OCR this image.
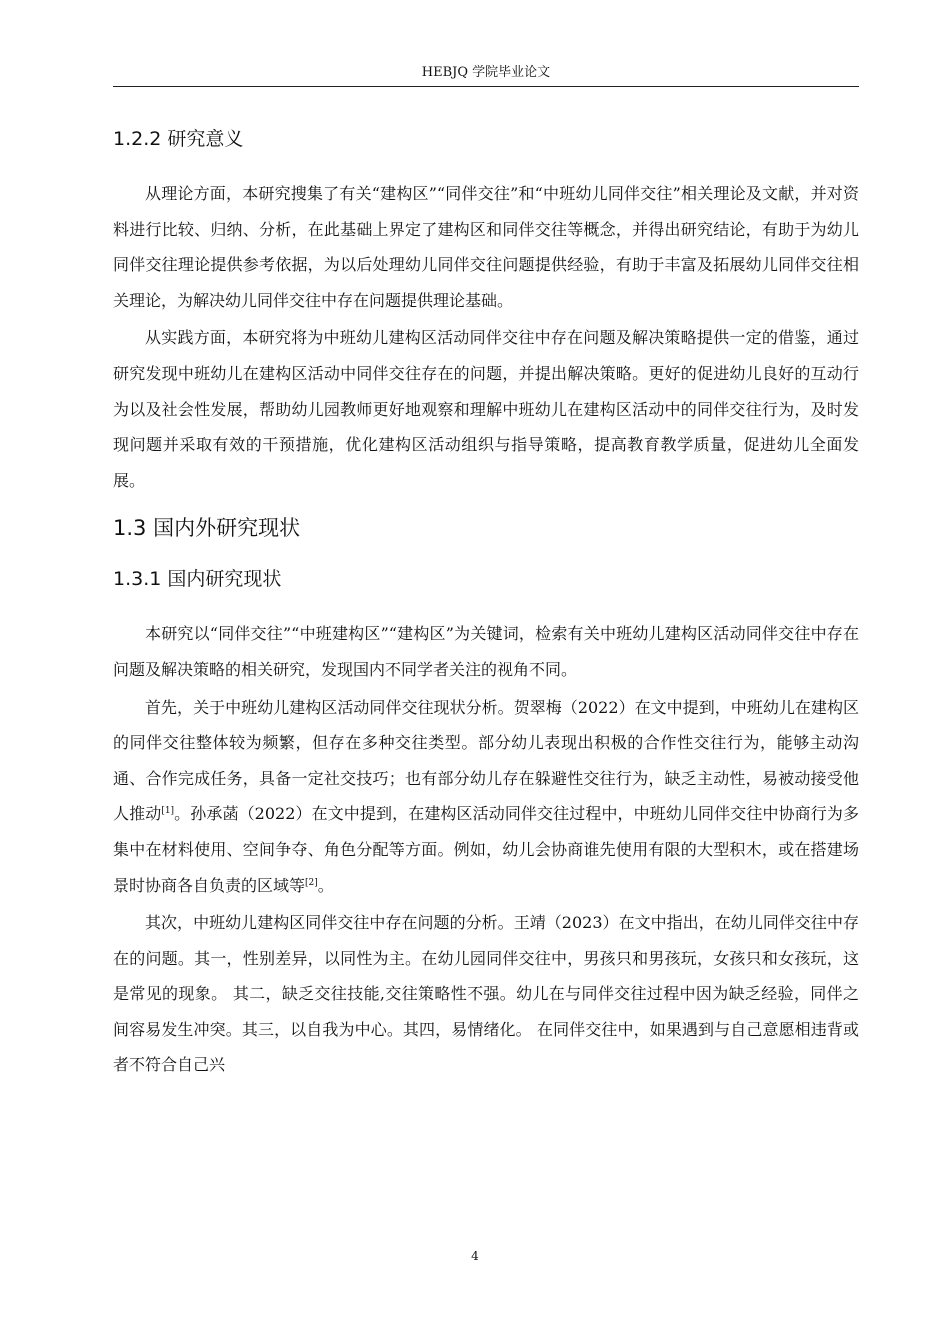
HEBJQ 学院毕业论文
1.2.2 研究意义

从理论方面，本研究搜集了有关“建构区”“同伴交往”和“中班幼儿同伴交往”相关理论及文献，并对资料进行比较、归纳、分析，在此基础上界定了建构区和同伴交往等概念，并得出研究结论，有助于为幼儿同伴交往理论提供参考依据，为以后处理幼儿同伴交往问题提供经验，有助于丰富及拓展幼儿同伴交往相关理论，为解决幼儿同伴交往中存在问题提供理论基础。

从实践方面，本研究将为中班幼儿建构区活动同伴交往中存在问题及解决策略提供一定的借鉴，通过研究发现中班幼儿在建构区活动中同伴交往存在的问题，并提出解决策略。更好的促进幼儿良好的互动行为以及社会性发展，帮助幼儿园教师更好地观察和理解中班幼儿在建构区活动中的同伴交往行为，及时发现问题并采取有效的干预措施，优化建构区活动组织与指导策略，提高教育教学质量，促进幼儿全面发展。

1.3 国内外研究现状
1.3.1 国内研究现状

本研究以“同伴交往”“中班建构区”“建构区”为关键词，检索有关中班幼儿建构区活动同伴交往中存在问题及解决策略的相关研究，发现国内不同学者关注的视角不同。

首先，关于中班幼儿建构区活动同伴交往现状分析。贺翠梅（2022）在文中提到，中班幼儿在建构区的同伴交往整体较为频繁，但存在多种交往类型。部分幼儿表现出积极的合作性交往行为，能够主动沟通、合作完成任务，具备一定社交技巧；也有部分幼儿存在躲避性交往行为，缺乏主动性，易被动接受他人推动[1]。孙承菡（2022）在文中提到，在建构区活动同伴交往过程中，中班幼儿同伴交往中协商行为多集中在材料使用、空间争夺、角色分配等方面。例如，幼儿会协商谁先使用有限的大型积木，或在搭建场景时协商各自负责的区域等[2]。

其次，中班幼儿建构区同伴交往中存在问题的分析。王靖（2023）在文中指出，在幼儿同伴交往中存在的问题。其一，性别差异，以同性为主。在幼儿园同伴交往中，男孩只和男孩玩，女孩只和女孩玩，这是常见的现象。 其二，缺乏交往技能,交往策略性不强。幼儿在与同伴交往过程中因为缺乏经验，同伴之间容易发生冲突。其三，以自我为中心。其四，易情绪化。 在同伴交往中，如果遇到与自己意愿相违背或者不符合自己兴

4
